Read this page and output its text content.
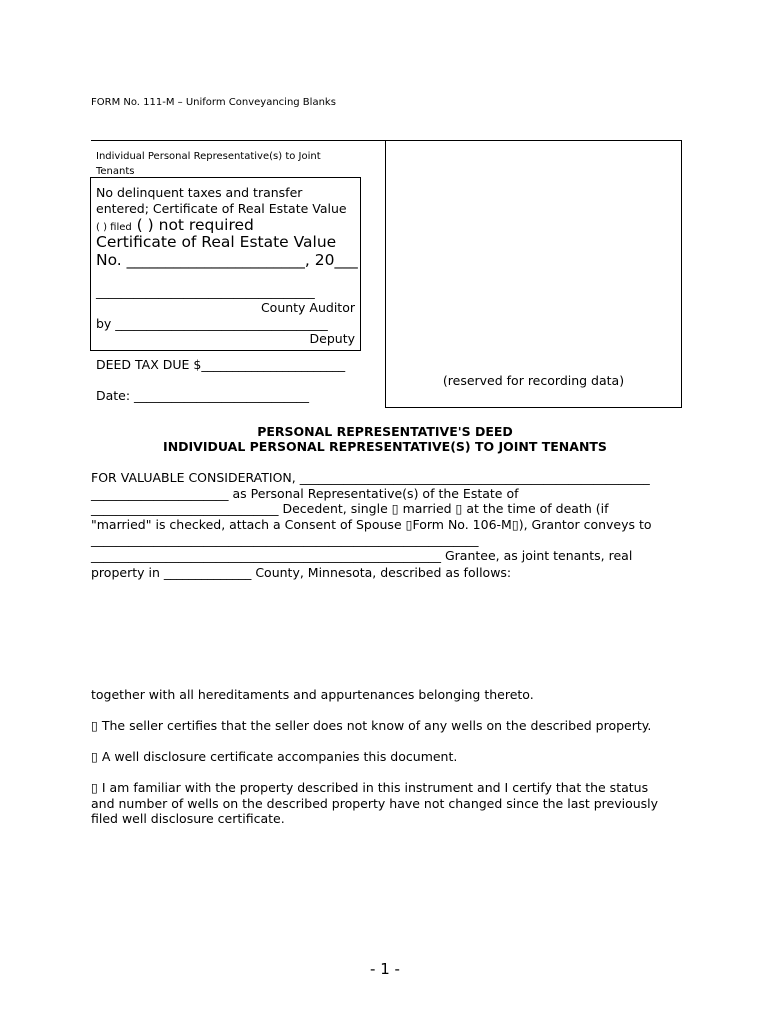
FORM No. 111-M – Uniform Conveyancing Blanks
(reserved for recording data)
Individual Personal Representative(s) to Joint
Tenants
No delinquent taxes and transfer
entered; Certificate of Real Estate Value
( ) filed ( ) not required
Certificate of Real Estate Value
No. _______________________, 20___
___________________________________
County Auditor
by __________________________________
Deputy
DEED TAX DUE $_______________________
Date: ____________________________
PERSONAL REPRESENTATIVE'S DEED
INDIVIDUAL PERSONAL REPRESENTATIVE(S) TO JOINT TENANTS
FOR VALUABLE CONSIDERATION, ________________________________________________________
______________________ as Personal Representative(s) of the Estate of
______________________________ Decedent, single ▯ married ▯ at the time of death (if
"married" is checked, attach a Consent of Spouse ▯Form No. 106-M▯), Grantor conveys to
______________________________________________________________
________________________________________________________ Grantee, as joint tenants, real
property in ______________ County, Minnesota, described as follows:
together with all hereditaments and appurtenances belonging thereto.
▯ The seller certifies that the seller does not know of any wells on the described property.
▯ A well disclosure certificate accompanies this document.
▯ I am familiar with the property described in this instrument and I certify that the status
and number of wells on the described property have not changed since the last previously
filed well disclosure certificate.
- 1 -
